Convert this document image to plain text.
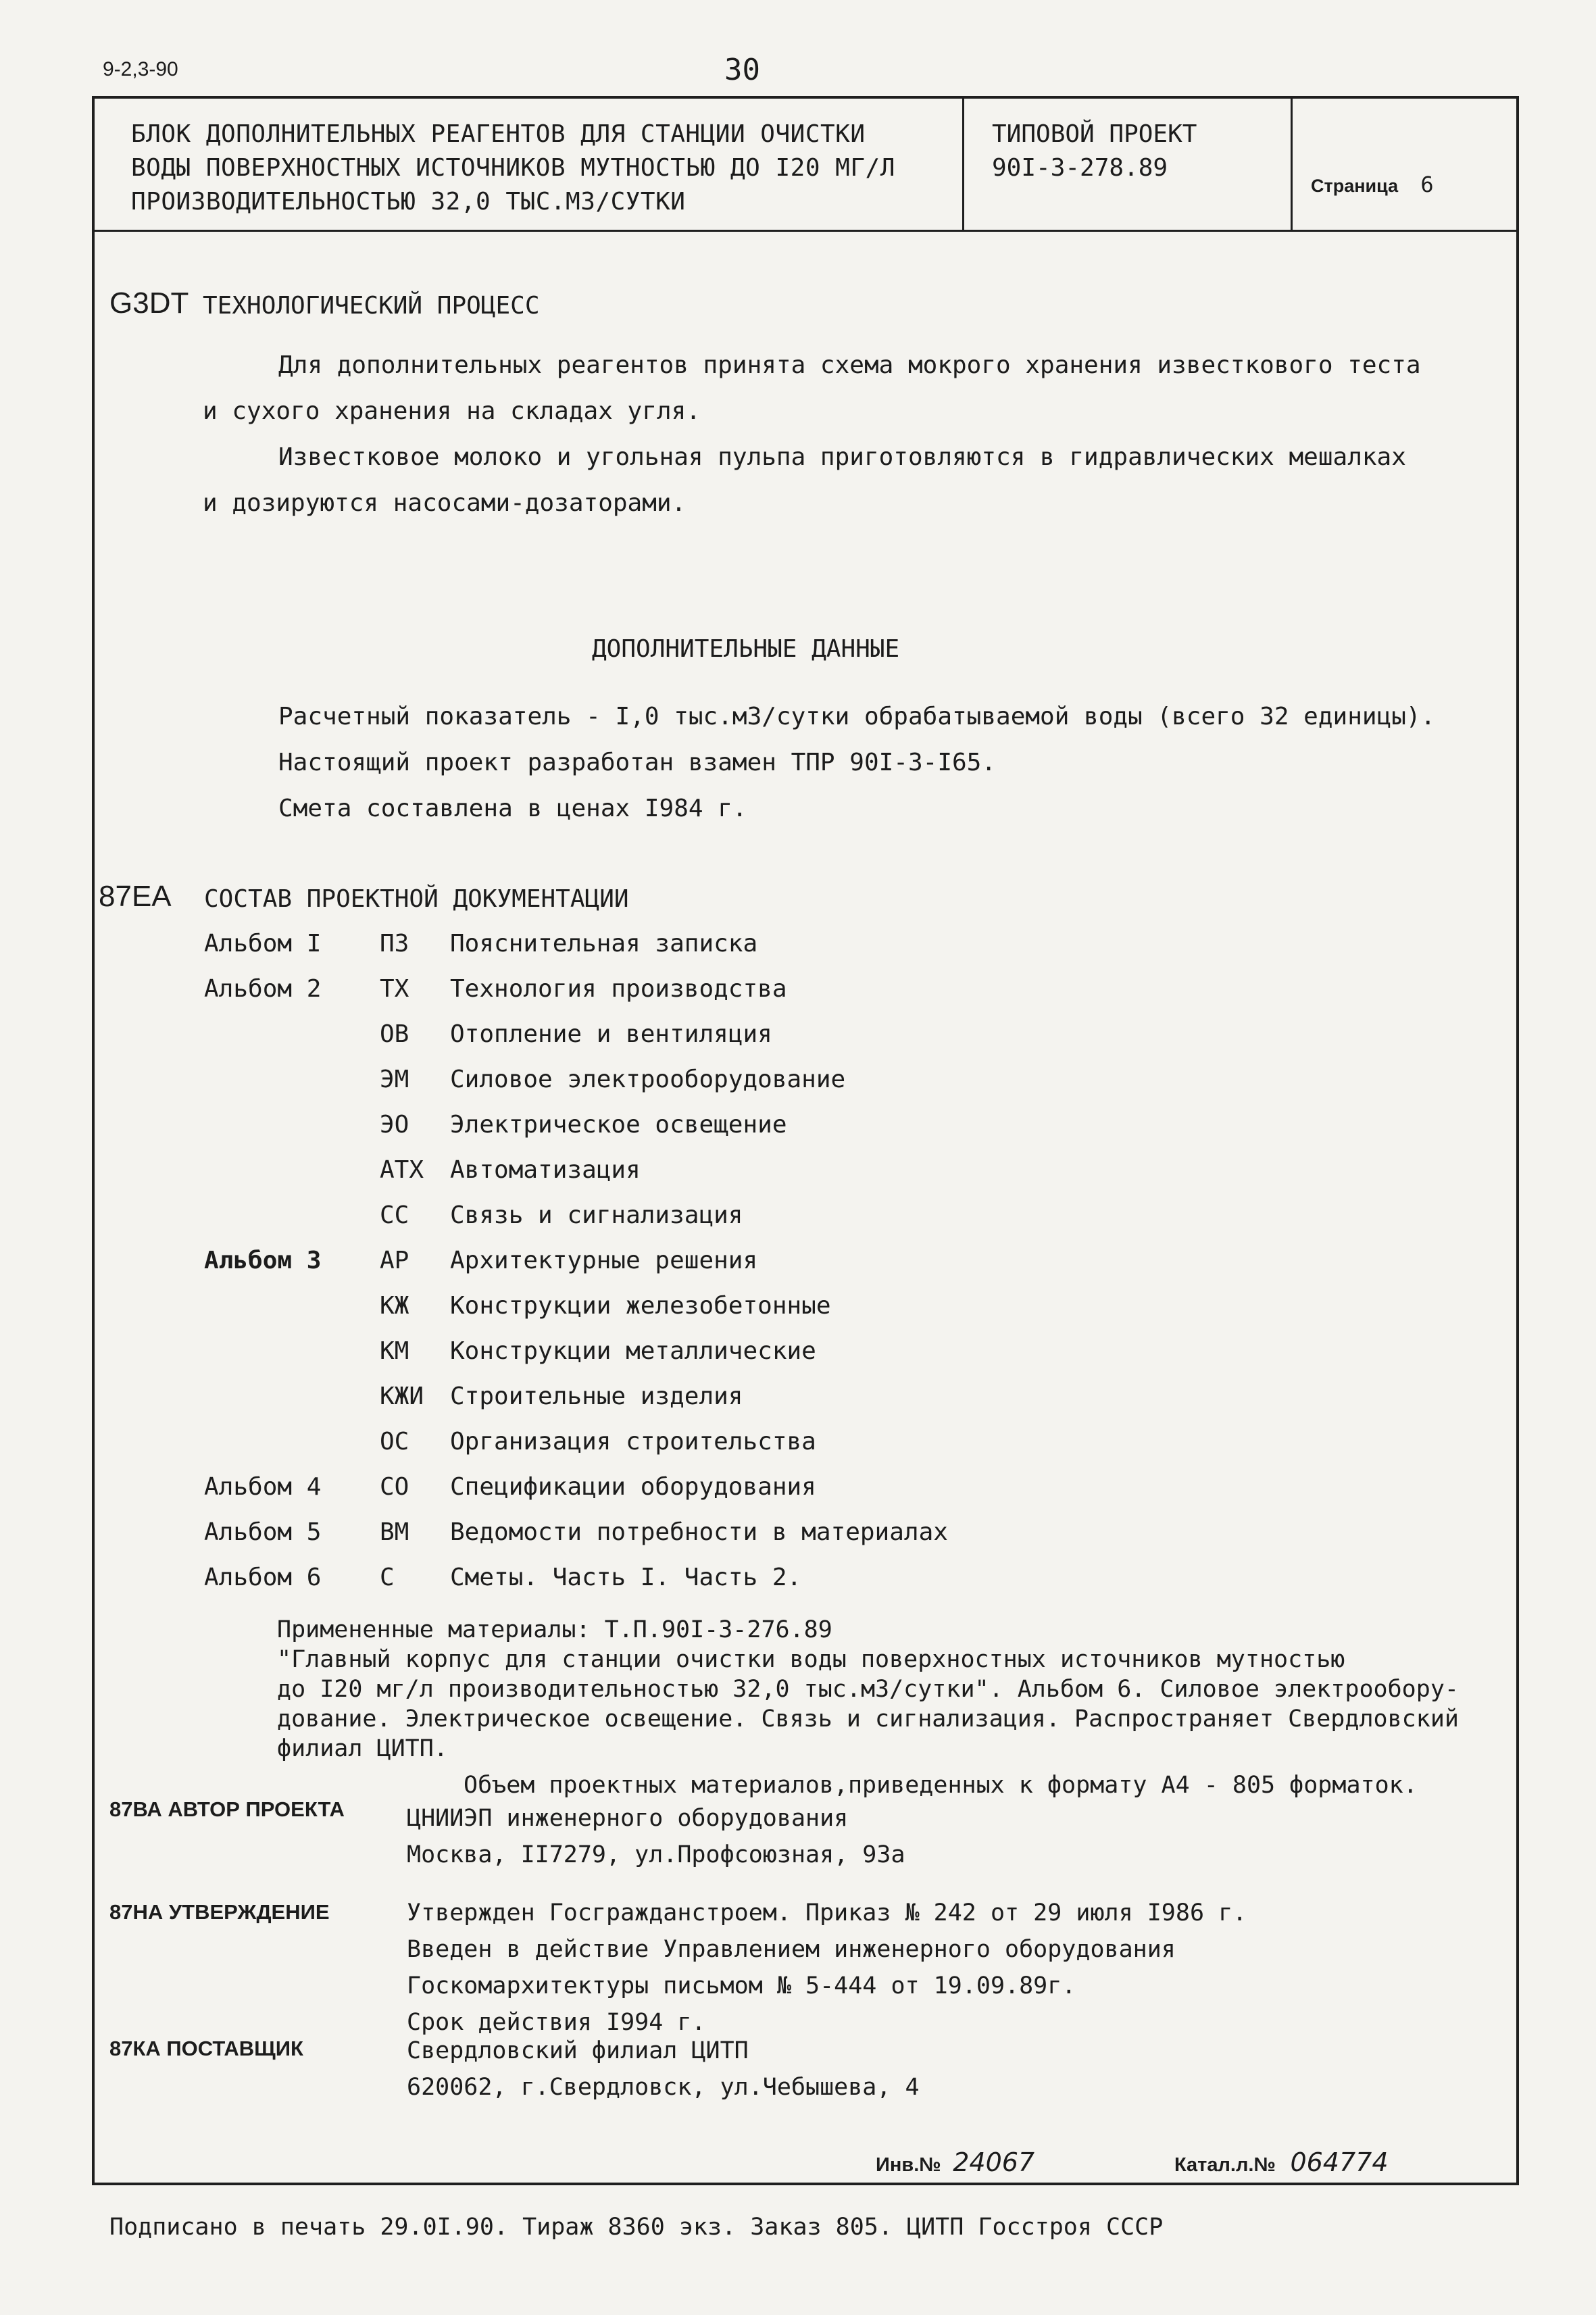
9-2,3-90	30
БЛОК ДОПОЛНИТЕЛЬНЫХ РЕАГЕНТОВ ДЛЯ СТАНЦИИ ОЧИСТКИ
ВОДЫ ПОВЕРХНОСТНЫХ ИСТОЧНИКОВ МУТНОСТЬЮ ДО I20 МГ/Л
ПРОИЗВОДИТЕЛЬНОСТЬЮ 32,0 ТЫС.М3/СУТКИ
ТИПОВОЙ ПРОЕКТ
90I-3-278.89
Страница 6
G3DT ТЕХНОЛОГИЧЕСКИЙ ПРОЦЕСС
Для дополнительных реагентов принята схема мокрого хранения известкового теста
и сухого хранения на складах угля.
Известковое молоко и угольная пульпа приготовляются в гидравлических мешалках
и дозируются насосами-дозаторами.
ДОПОЛНИТЕЛЬНЫЕ ДАННЫЕ
Расчетный показатель - I,0 тыс.м3/сутки обрабатываемой воды (всего 32 единицы).
Настоящий проект разработан взамен ТПР 90I-3-I65.
Смета составлена в ценах I984 г.
87EA СОСТАВ ПРОЕКТНОЙ ДОКУМЕНТАЦИИ
Альбом I ПЗ Пояснительная записка
Альбом 2 ТХ Технология производства
ОВ Отопление и вентиляция
ЭМ Силовое электрооборудование
ЭО Электрическое освещение
АТХ Автоматизация
СС Связь и сигнализация
Альбом 3 АР Архитектурные решения
КЖ Конструкции железобетонные
КМ Конструкции металлические
КЖИ Строительные изделия
ОС Организация строительства
Альбом 4 СО Спецификации оборудования
Альбом 5 ВМ Ведомости потребности в материалах
Альбом 6 С Сметы. Часть I. Часть 2.
Примененные материалы: Т.П.90I-3-276.89
"Главный корпус для станции очистки воды поверхностных источников мутностью
до I20 мг/л производительностью 32,0 тыс.м3/сутки". Альбом 6. Силовое электрообору-
дование. Электрическое освещение. Связь и сигнализация. Распространяет Свердловский
филиал ЦИТП.
Объем проектных материалов,приведенных к формату А4 - 805 форматок.
87ВА АВТОР ПРОЕКТА	ЦНИИЭП инженерного оборудования
Москва, II7279, ул.Профсоюзная, 93а
87НА УТВЕРЖДЕНИЕ	Утвержден Госгражданстроем. Приказ № 242 от 29 июля I986 г.
Введен в действие Управлением инженерного оборудования
Госкомархитектуры письмом № 5-444 от 19.09.89г.
Срок действия I994 г.
87КА ПОСТАВЩИК	Свердловский филиал ЦИТП
620062, г.Свердловск, ул.Чебышева, 4
Инв.№ 24067	Катал.л.№ 064774
Подписано в печать 29.0I.90. Тираж 8360 экз. Заказ 805. ЦИТП Госстроя СССР
